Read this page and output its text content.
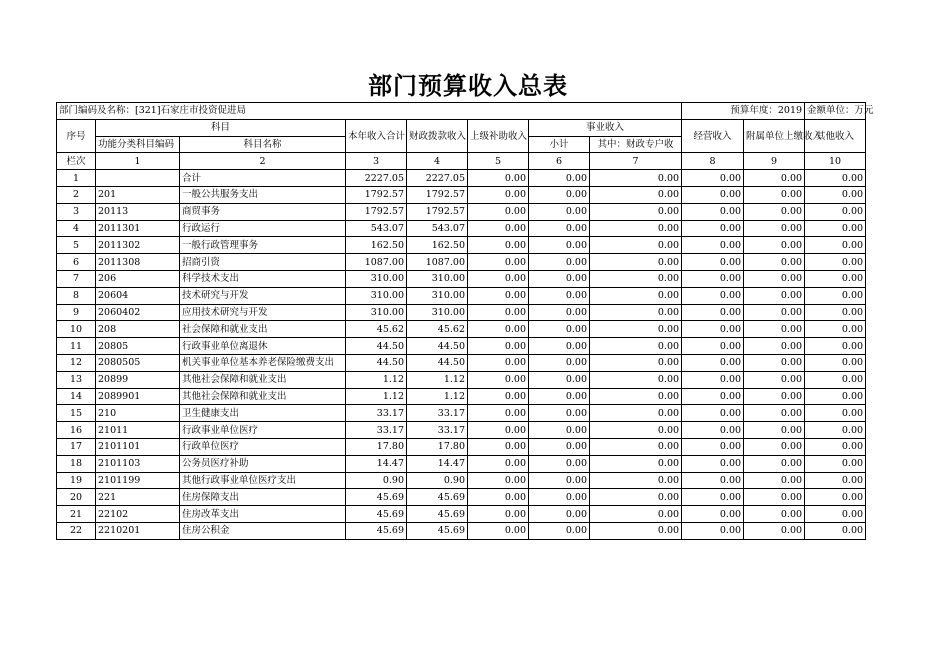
部门预算收入总表
部门编码及名称：[321]石家庄市投资促进局								预算年度：2019		金额单位：万元
序号	科目		本年收入合计	财政拨款收入	上级补助收入	事业收入		经营收入	附属单位上缴收入	其他收入
	功能分类科目编码	科目名称				小计	其中：财政专户收			
栏次	1	2	3	4	5	6	7	8	9	10
1		合计	2227.05	2227.05	0.00	0.00	0.00	0.00	0.00	0.00
2	201	一般公共服务支出	1792.57	1792.57	0.00	0.00	0.00	0.00	0.00	0.00
3	20113	商贸事务	1792.57	1792.57	0.00	0.00	0.00	0.00	0.00	0.00
4	2011301	行政运行	543.07	543.07	0.00	0.00	0.00	0.00	0.00	0.00
5	2011302	一般行政管理事务	162.50	162.50	0.00	0.00	0.00	0.00	0.00	0.00
6	2011308	招商引资	1087.00	1087.00	0.00	0.00	0.00	0.00	0.00	0.00
7	206	科学技术支出	310.00	310.00	0.00	0.00	0.00	0.00	0.00	0.00
8	20604	技术研究与开发	310.00	310.00	0.00	0.00	0.00	0.00	0.00	0.00
9	2060402	应用技术研究与开发	310.00	310.00	0.00	0.00	0.00	0.00	0.00	0.00
10	208	社会保障和就业支出	45.62	45.62	0.00	0.00	0.00	0.00	0.00	0.00
11	20805	行政事业单位离退休	44.50	44.50	0.00	0.00	0.00	0.00	0.00	0.00
12	2080505	机关事业单位基本养老保险缴费支出	44.50	44.50	0.00	0.00	0.00	0.00	0.00	0.00
13	20899	其他社会保障和就业支出	1.12	1.12	0.00	0.00	0.00	0.00	0.00	0.00
14	2089901	其他社会保障和就业支出	1.12	1.12	0.00	0.00	0.00	0.00	0.00	0.00
15	210	卫生健康支出	33.17	33.17	0.00	0.00	0.00	0.00	0.00	0.00
16	21011	行政事业单位医疗	33.17	33.17	0.00	0.00	0.00	0.00	0.00	0.00
17	2101101	行政单位医疗	17.80	17.80	0.00	0.00	0.00	0.00	0.00	0.00
18	2101103	公务员医疗补助	14.47	14.47	0.00	0.00	0.00	0.00	0.00	0.00
19	2101199	其他行政事业单位医疗支出	0.90	0.90	0.00	0.00	0.00	0.00	0.00	0.00
20	221	住房保障支出	45.69	45.69	0.00	0.00	0.00	0.00	0.00	0.00
21	22102	住房改革支出	45.69	45.69	0.00	0.00	0.00	0.00	0.00	0.00
22	2210201	住房公积金	45.69	45.69	0.00	0.00	0.00	0.00	0.00	0.00
